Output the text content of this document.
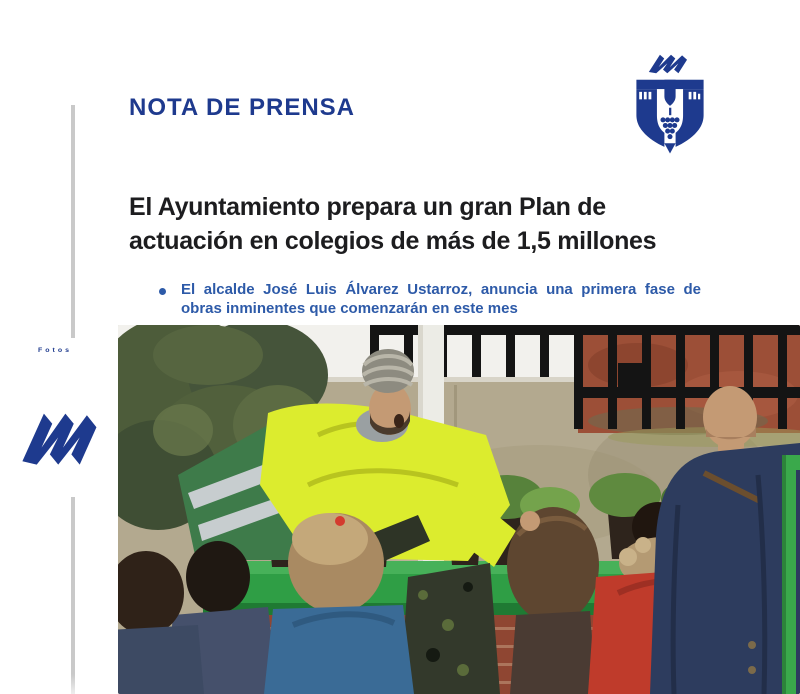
Fotos
NOTA DE PRENSA
El Ayuntamiento prepara un gran Plan de
actuación en colegios de más de 1,5 millones
El alcalde José Luis Álvarez Ustarroz, anuncia una primera fase de
obras inminentes que comenzarán en este mes
